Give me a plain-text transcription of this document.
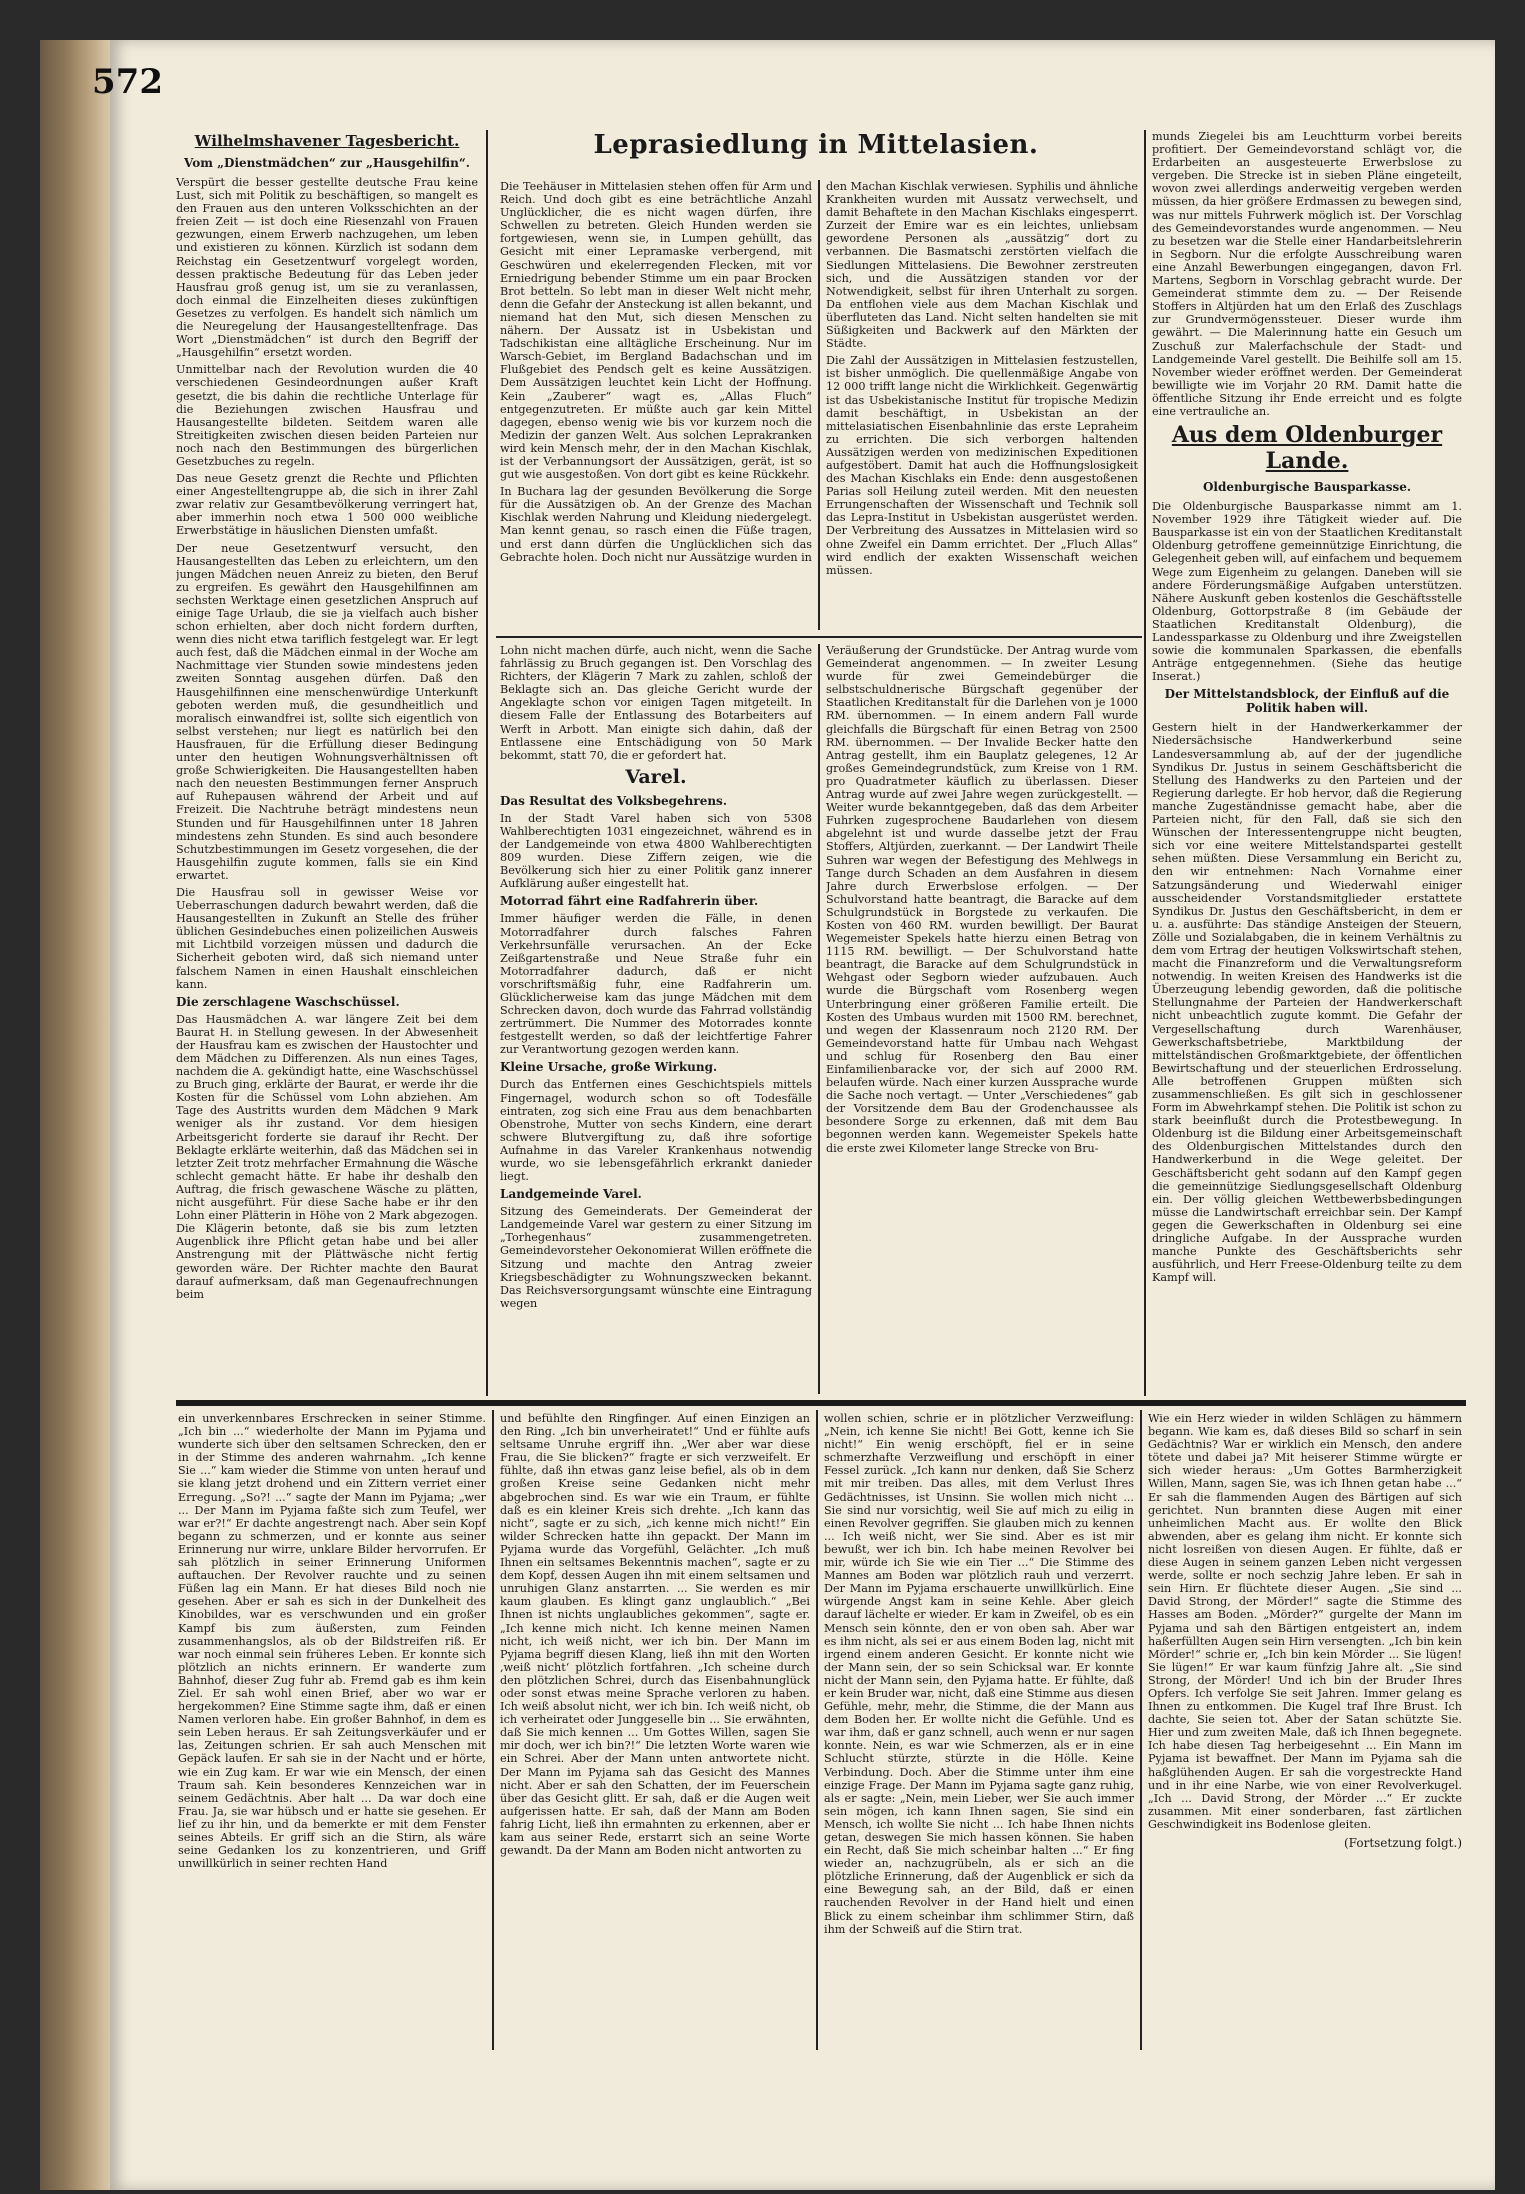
572
Wilhelmshavener Tagesbericht.
Vom „Dienstmädchen“ zur „Hausgehilfin“.

Verspürt die besser gestellte deutsche Frau keine Lust, sich mit Politik zu beschäftigen, so mangelt es den Frauen aus den unteren Volksschichten an der freien Zeit — ist doch eine Riesenzahl von Frauen gezwungen, einem Erwerb nachzugehen, um leben und existieren zu können. Kürzlich ist sodann dem Reichstag ein Gesetzentwurf vorgelegt worden, dessen praktische Bedeutung für das Leben jeder Hausfrau groß genug ist, um sie zu veranlassen, doch einmal die Einzelheiten dieses zukünftigen Gesetzes zu verfolgen. Es handelt sich nämlich um die Neuregelung der Hausangestelltenfrage. Das Wort „Dienstmädchen“ ist durch den Begriff der „Hausgehilfin“ ersetzt worden.

Unmittelbar nach der Revolution wurden die 40 verschiedenen Gesindeordnungen außer Kraft gesetzt, die bis dahin die rechtliche Unterlage für die Beziehungen zwischen Hausfrau und Hausangestellte bildeten. Seitdem waren alle Streitigkeiten zwischen diesen beiden Parteien nur noch nach den Bestimmungen des bürgerlichen Gesetzbuches zu regeln.

Das neue Gesetz grenzt die Rechte und Pflichten einer Angestelltengruppe ab, die sich in ihrer Zahl zwar relativ zur Gesamtbevölkerung verringert hat, aber immerhin noch etwa 1 500 000 weibliche Erwerbstätige in häuslichen Diensten umfaßt.

Der neue Gesetzentwurf versucht, den Hausangestellten das Leben zu erleichtern, um den jungen Mädchen neuen Anreiz zu bieten, den Beruf zu ergreifen. Es gewährt den Hausgehilfinnen am sechsten Werktage einen gesetzlichen Anspruch auf einige Tage Urlaub, die sie ja vielfach auch bisher schon erhielten, aber doch nicht fordern durften, wenn dies nicht etwa tariflich festgelegt war. Er legt auch fest, daß die Mädchen einmal in der Woche am Nachmittage vier Stunden sowie mindestens jeden zweiten Sonntag ausgehen dürfen. Daß den Hausgehilfinnen eine menschenwürdige Unterkunft geboten werden muß, die gesundheitlich und moralisch einwandfrei ist, sollte sich eigentlich von selbst verstehen; nur liegt es natürlich bei den Hausfrauen, für die Erfüllung dieser Bedingung unter den heutigen Wohnungsverhältnissen oft große Schwierigkeiten. Die Hausangestellten haben nach den neuesten Bestimmungen ferner Anspruch auf Ruhepausen während der Arbeit und auf Freizeit. Die Nachtruhe beträgt mindestens neun Stunden und für Hausgehilfinnen unter 18 Jahren mindestens zehn Stunden. Es sind auch besondere Schutzbestimmungen im Gesetz vorgesehen, die der Hausgehilfin zugute kommen, falls sie ein Kind erwartet.

Die Hausfrau soll in gewisser Weise vor Ueberraschungen dadurch bewahrt werden, daß die Hausangestellten in Zukunft an Stelle des früher üblichen Gesindebuches einen polizeilichen Ausweis mit Lichtbild vorzeigen müssen und dadurch die Sicherheit geboten wird, daß sich niemand unter falschem Namen in einen Haushalt einschleichen kann.

Die zerschlagene Waschschüssel.

Das Hausmädchen A. war längere Zeit bei dem Baurat H. in Stellung gewesen. In der Abwesenheit der Hausfrau kam es zwischen der Haustochter und dem Mädchen zu Differenzen. Als nun eines Tages, nachdem die A. gekündigt hatte, eine Waschschüssel zu Bruch ging, erklärte der Baurat, er werde ihr die Kosten für die Schüssel vom Lohn abziehen. Am Tage des Austritts wurden dem Mädchen 9 Mark weniger als ihr zustand. Vor dem hiesigen Arbeitsgericht forderte sie darauf ihr Recht. Der Beklagte erklärte weiterhin, daß das Mädchen sei in letzter Zeit trotz mehrfacher Ermahnung die Wäsche schlecht gemacht hätte. Er habe ihr deshalb den Auftrag, die frisch gewaschene Wäsche zu plätten, nicht ausgeführt. Für diese Sache habe er ihr den Lohn einer Plätterin in Höhe von 2 Mark abgezogen. Die Klägerin betonte, daß sie bis zum letzten Augenblick ihre Pflicht getan habe und bei aller Anstrengung mit der Plättwäsche nicht fertig geworden wäre. Der Richter machte den Baurat darauf aufmerksam, daß man Gegenaufrechnungen beim

Leprasiedlung in Mittelasien.

Die Teehäuser in Mittelasien stehen offen für Arm und Reich. Und doch gibt es eine beträchtliche Anzahl Unglücklicher, die es nicht wagen dürfen, ihre Schwellen zu betreten. Gleich Hunden werden sie fortgewiesen, wenn sie, in Lumpen gehüllt, das Gesicht mit einer Lepramaske verbergend, mit Geschwüren und ekelerregenden Flecken, mit vor Erniedrigung bebender Stimme um ein paar Brocken Brot betteln. So lebt man in dieser Welt nicht mehr, denn die Gefahr der Ansteckung ist allen bekannt, und niemand hat den Mut, sich diesen Menschen zu nähern. Der Aussatz ist in Usbekistan und Tadschikistan eine alltägliche Erscheinung. Nur im Warsch-Gebiet, im Bergland Badachschan und im Flußgebiet des Pendsch gelt es keine Aussätzigen. Dem Aussätzigen leuchtet kein Licht der Hoffnung. Kein „Zauberer“ wagt es, „Allas Fluch“ entgegenzutreten. Er müßte auch gar kein Mittel dagegen, ebenso wenig wie bis vor kurzem noch die Medizin der ganzen Welt. Aus solchen Leprakranken wird kein Mensch mehr, der in den Machan Kischlak, ist der Verbannungsort der Aussätzigen, gerät, ist so gut wie ausgestoßen. Von dort gibt es keine Rückkehr.

In Buchara lag der gesunden Bevölkerung die Sorge für die Aussätzigen ob. An der Grenze des Machan Kischlak werden Nahrung und Kleidung niedergelegt. Man kennt genau, so rasch einen die Füße tragen, und erst dann dürfen die Unglücklichen sich das Gebrachte holen. Doch nicht nur Aussätzige wurden in

den Machan Kischlak verwiesen. Syphilis und ähnliche Krankheiten wurden mit Aussatz verwechselt, und damit Behaftete in den Machan Kischlaks eingesperrt. Zurzeit der Emire war es ein leichtes, unliebsam gewordene Personen als „aussätzig“ dort zu verbannen. Die Basmatschi zerstörten vielfach die Siedlungen Mittelasiens. Die Bewohner zerstreuten sich, und die Aussätzigen standen vor der Notwendigkeit, selbst für ihren Unterhalt zu sorgen. Da entflohen viele aus dem Machan Kischlak und überfluteten das Land. Nicht selten handelten sie mit Süßigkeiten und Backwerk auf den Märkten der Städte.

Die Zahl der Aussätzigen in Mittelasien festzustellen, ist bisher unmöglich. Die quellenmäßige Angabe von 12 000 trifft lange nicht die Wirklichkeit. Gegenwärtig ist das Usbekistanische Institut für tropische Medizin damit beschäftigt, in Usbekistan an der mittelasiatischen Eisenbahnlinie das erste Lepraheim zu errichten. Die sich verborgen haltenden Aussätzigen werden von medizinischen Expeditionen aufgestöbert. Damit hat auch die Hoffnungslosigkeit des Machan Kischlaks ein Ende: denn ausgestoßenen Parias soll Heilung zuteil werden. Mit den neuesten Errungenschaften der Wissenschaft und Technik soll das Lepra-Institut in Usbekistan ausgerüstet werden. Der Verbreitung des Aussatzes in Mittelasien wird so ohne Zweifel ein Damm errichtet. Der „Fluch Allas“ wird endlich der exakten Wissenschaft weichen müssen.

Lohn nicht machen dürfe, auch nicht, wenn die Sache fahrlässig zu Bruch gegangen ist. Den Vorschlag des Richters, der Klägerin 7 Mark zu zahlen, schloß der Beklagte sich an. Das gleiche Gericht wurde der Angeklagte schon vor einigen Tagen mitgeteilt. In diesem Falle der Entlassung des Botarbeiters auf Werft in Arbott. Man einigte sich dahin, daß der Entlassene eine Entschädigung von 50 Mark bekommt, statt 70, die er gefordert hat.

Varel.
Das Resultat des Volksbegehrens.

In der Stadt Varel haben sich von 5308 Wahlberechtigten 1031 eingezeichnet, während es in der Landgemeinde von etwa 4800 Wahlberechtigten 809 wurden. Diese Ziffern zeigen, wie die Bevölkerung sich hier zu einer Politik ganz innerer Aufklärung außer eingestellt hat.

Motorrad fährt eine Radfahrerin über.

Immer häufiger werden die Fälle, in denen Motorradfahrer durch falsches Fahren Verkehrsunfälle verursachen. An der Ecke Zeißgartenstraße und Neue Straße fuhr ein Motorradfahrer dadurch, daß er nicht vorschriftsmäßig fuhr, eine Radfahrerin um. Glücklicherweise kam das junge Mädchen mit dem Schrecken davon, doch wurde das Fahrrad vollständig zertrümmert. Die Nummer des Motorrades konnte festgestellt werden, so daß der leichtfertige Fahrer zur Verantwortung gezogen werden kann.

Kleine Ursache, große Wirkung.

Durch das Entfernen eines Geschichtspiels mittels Fingernagel, wodurch schon so oft Todesfälle eintraten, zog sich eine Frau aus dem benachbarten Obenstrohe, Mutter von sechs Kindern, eine derart schwere Blutvergiftung zu, daß ihre sofortige Aufnahme in das Vareler Krankenhaus notwendig wurde, wo sie lebensgefährlich erkrankt danieder liegt.

Landgemeinde Varel.

Sitzung des Gemeinderats. Der Gemeinderat der Landgemeinde Varel war gestern zu einer Sitzung im „Torhegenhaus“ zusammengetreten. Gemeindevorsteher Oekonomierat Willen eröffnete die Sitzung und machte den Antrag zweier Kriegsbeschädigter zu Wohnungszwecken bekannt. Das Reichsversorgungsamt wünschte eine Eintragung wegen

Veräußerung der Grundstücke. Der Antrag wurde vom Gemeinderat angenommen. — In zweiter Lesung wurde für zwei Gemeindebürger die selbstschuldnerische Bürgschaft gegenüber der Staatlichen Kreditanstalt für die Darlehen von je 1000 RM. übernommen. — In einem andern Fall wurde gleichfalls die Bürgschaft für einen Betrag von 2500 RM. übernommen. — Der Invalide Becker hatte den Antrag gestellt, ihm ein Bauplatz gelegenes, 12 Ar großes Gemeindegrundstück, zum Kreise von 1 RM. pro Quadratmeter käuflich zu überlassen. Dieser Antrag wurde auf zwei Jahre wegen zurückgestellt. — Weiter wurde bekanntgegeben, daß das dem Arbeiter Fuhrken zugesprochene Baudarlehen von diesem abgelehnt ist und wurde dasselbe jetzt der Frau Stoffers, Altjürden, zuerkannt. — Der Landwirt Theile Suhren war wegen der Befestigung des Mehlwegs in Tange durch Schaden an dem Ausfahren in diesem Jahre durch Erwerbslose erfolgen. — Der Schulvorstand hatte beantragt, die Baracke auf dem Schulgrundstück in Borgstede zu verkaufen. Die Kosten von 460 RM. wurden bewilligt. Der Baurat Wegemeister Spekels hatte hierzu einen Betrag von 1115 RM. bewilligt. — Der Schulvorstand hatte beantragt, die Baracke auf dem Schulgrundstück in Wehgast oder Segborn wieder aufzubauen. Auch wurde die Bürgschaft vom Rosenberg wegen Unterbringung einer größeren Familie erteilt. Die Kosten des Umbaus wurden mit 1500 RM. berechnet, und wegen der Klassenraum noch 2120 RM. Der Gemeindevorstand hatte für Umbau nach Wehgast und schlug für Rosenberg den Bau einer Einfamilienbaracke vor, der sich auf 2000 RM. belaufen würde. Nach einer kurzen Aussprache wurde die Sache noch vertagt. — Unter „Verschiedenes“ gab der Vorsitzende dem Bau der Grodenchaussee als besondere Sorge zu erkennen, daß mit dem Bau begonnen werden kann. Wegemeister Spekels hatte die erste zwei Kilometer lange Strecke von Bru-

munds Ziegelei bis am Leuchtturm vorbei bereits profitiert. Der Gemeindevorstand schlägt vor, die Erdarbeiten an ausgesteuerte Erwerbslose zu vergeben. Die Strecke ist in sieben Pläne eingeteilt, wovon zwei allerdings anderweitig vergeben werden müssen, da hier größere Erdmassen zu bewegen sind, was nur mittels Fuhrwerk möglich ist. Der Vorschlag des Gemeindevorstandes wurde angenommen. — Neu zu besetzen war die Stelle einer Handarbeitslehrerin in Segborn. Nur die erfolgte Ausschreibung waren eine Anzahl Bewerbungen eingegangen, davon Frl. Martens, Segborn in Vorschlag gebracht wurde. Der Gemeinderat stimmte dem zu. — Der Reisende Stoffers in Altjürden hat um den Erlaß des Zuschlags zur Grundvermögenssteuer. Dieser wurde ihm gewährt. — Die Malerinnung hatte ein Gesuch um Zuschuß zur Malerfachschule der Stadt- und Landgemeinde Varel gestellt. Die Beihilfe soll am 15. November wieder eröffnet werden. Der Gemeinderat bewilligte wie im Vorjahr 20 RM. Damit hatte die öffentliche Sitzung ihr Ende erreicht und es folgte eine vertrauliche an.

Aus dem Oldenburger Lande.
Oldenburgische Bausparkasse.

Die Oldenburgische Bausparkasse nimmt am 1. November 1929 ihre Tätigkeit wieder auf. Die Bausparkasse ist ein von der Staatlichen Kreditanstalt Oldenburg getroffene gemeinnützige Einrichtung, die Gelegenheit geben will, auf einfachem und bequemem Wege zum Eigenheim zu gelangen. Daneben will sie andere Förderungsmäßige Aufgaben unterstützen. Nähere Auskunft geben kostenlos die Geschäftsstelle Oldenburg, Gottorpstraße 8 (im Gebäude der Staatlichen Kreditanstalt Oldenburg), die Landessparkasse zu Oldenburg und ihre Zweigstellen sowie die kommunalen Sparkassen, die ebenfalls Anträge entgegennehmen. (Siehe das heutige Inserat.)

Der Mittelstandsblock, der Einfluß auf die Politik haben will.

Gestern hielt in der Handwerkerkammer der Niedersächsische Handwerkerbund seine Landesversammlung ab, auf der der jugendliche Syndikus Dr. Justus in seinem Geschäftsbericht die Stellung des Handwerks zu den Parteien und der Regierung darlegte. Er hob hervor, daß die Regierung manche Zugeständnisse gemacht habe, aber die Parteien nicht, für den Fall, daß sie sich den Wünschen der Interessentengruppe nicht beugten, sich vor eine weitere Mittelstandspartei gestellt sehen müßten. Diese Versammlung ein Bericht zu, den wir entnehmen: Nach Vornahme einer Satzungsänderung und Wiederwahl einiger ausscheidender Vorstandsmitglieder erstattete Syndikus Dr. Justus den Geschäftsbericht, in dem er u. a. ausführte: Das ständige Ansteigen der Steuern, Zölle und Sozialabgaben, die in keinem Verhältnis zu dem vom Ertrag der heutigen Volkswirtschaft stehen, macht die Finanzreform und die Verwaltungsreform notwendig. In weiten Kreisen des Handwerks ist die Überzeugung lebendig geworden, daß die politische Stellungnahme der Parteien der Handwerkerschaft nicht unbeachtlich zugute kommt. Die Gefahr der Vergesellschaftung durch Warenhäuser, Gewerkschaftsbetriebe, Marktbildung der mittelständischen Großmarktgebiete, der öffentlichen Bewirtschaftung und der steuerlichen Erdrosselung. Alle betroffenen Gruppen müßten sich zusammenschließen. Es gilt sich in geschlossener Form im Abwehrkampf stehen. Die Politik ist schon zu stark beeinflußt durch die Protestbewegung. In Oldenburg ist die Bildung einer Arbeitsgemeinschaft des Oldenburgischen Mittelstandes durch den Handwerkerbund in die Wege geleitet. Der Geschäftsbericht geht sodann auf den Kampf gegen die gemeinnützige Siedlungsgesellschaft Oldenburg ein. Der völlig gleichen Wettbewerbsbedingungen müsse die Landwirtschaft erreichbar sein. Der Kampf gegen die Gewerkschaften in Oldenburg sei eine dringliche Aufgabe. In der Aussprache wurden manche Punkte des Geschäftsberichts sehr ausführlich, und Herr Freese-Oldenburg teilte zu dem Kampf will.

ein unverkennbares Erschrecken in seiner Stimme. „Ich bin ...“ wiederholte der Mann im Pyjama und wunderte sich über den seltsamen Schrecken, den er in der Stimme des anderen wahrnahm. „Ich kenne Sie ...“ kam wieder die Stimme von unten herauf und sie klang jetzt drohend und ein Zittern verriet einer Erregung. „So?! ...“ sagte der Mann im Pyjama; „wer ... Der Mann im Pyjama faßte sich zum Teufel, wer war er?!“ Er dachte angestrengt nach. Aber sein Kopf begann zu schmerzen, und er konnte aus seiner Erinnerung nur wirre, unklare Bilder hervorrufen. Er sah plötzlich in seiner Erinnerung Uniformen auftauchen. Der Revolver rauchte und zu seinen Füßen lag ein Mann. Er hat dieses Bild noch nie gesehen. Aber er sah es sich in der Dunkelheit des Kinobildes, war es verschwunden und ein großer Kampf bis zum äußersten, zum Feinden zusammenhangslos, als ob der Bildstreifen riß. Er war noch einmal sein früheres Leben. Er konnte sich plötzlich an nichts erinnern. Er wanderte zum Bahnhof, dieser Zug fuhr ab. Fremd gab es ihm kein Ziel. Er sah wohl einen Brief, aber wo war er hergekommen? Eine Stimme sagte ihm, daß er einen Namen verloren habe. Ein großer Bahnhof, in dem es sein Leben heraus. Er sah Zeitungsverkäufer und er las, Zeitungen schrien. Er sah auch Menschen mit Gepäck laufen. Er sah sie in der Nacht und er hörte, wie ein Zug kam. Er war wie ein Mensch, der einen Traum sah. Kein besonderes Kennzeichen war in seinem Gedächtnis. Aber halt ... Da war doch eine Frau. Ja, sie war hübsch und er hatte sie gesehen. Er lief zu ihr hin, und da bemerkte er mit dem Fenster seines Abteils. Er griff sich an die Stirn, als wäre seine Gedanken los zu konzentrieren, und Griff unwillkürlich in seiner rechten Hand

und befühlte den Ringfinger. Auf einen Einzigen an den Ring. „Ich bin unverheiratet!“ Und er fühlte aufs seltsame Unruhe ergriff ihn. „Wer aber war diese Frau, die Sie blicken?“ fragte er sich verzweifelt. Er fühlte, daß ihn etwas ganz leise befiel, als ob in dem großen Kreise seine Gedanken nicht mehr abgebrochen sind. Es war wie ein Traum, er fühlte daß es ein kleiner Kreis sich drehte. „Ich kann das nicht“, sagte er zu sich, „ich kenne mich nicht!“ Ein wilder Schrecken hatte ihn gepackt. Der Mann im Pyjama wurde das Vorgefühl, Gelächter. „Ich muß Ihnen ein seltsames Bekenntnis machen“, sagte er zu dem Kopf, dessen Augen ihn mit einem seltsamen und unruhigen Glanz anstarrten. ... Sie werden es mir kaum glauben. Es klingt ganz unglaublich.“ „Bei Ihnen ist nichts unglaubliches gekommen“, sagte er. „Ich kenne mich nicht. Ich kenne meinen Namen nicht, ich weiß nicht, wer ich bin. Der Mann im Pyjama begriff diesen Klang, ließ ihn mit den Worten ‚weiß nicht‘ plötzlich fortfahren. „Ich scheine durch den plötzlichen Schrei, durch das Eisenbahnunglück oder sonst etwas meine Sprache verloren zu haben. Ich weiß absolut nicht, wer ich bin. Ich weiß nicht, ob ich verheiratet oder Junggeselle bin ... Sie erwähnten, daß Sie mich kennen ... Um Gottes Willen, sagen Sie mir doch, wer ich bin?!“ Die letzten Worte waren wie ein Schrei. Aber der Mann unten antwortete nicht. Der Mann im Pyjama sah das Gesicht des Mannes nicht. Aber er sah den Schatten, der im Feuerschein über das Gesicht glitt. Er sah, daß er die Augen weit aufgerissen hatte. Er sah, daß der Mann am Boden fahrig Licht, ließ ihn ermahnten zu erkennen, aber er kam aus seiner Rede, erstarrt sich an seine Worte gewandt. Da der Mann am Boden nicht antworten zu

wollen schien, schrie er in plötzlicher Verzweiflung: „Nein, ich kenne Sie nicht! Bei Gott, kenne ich Sie nicht!“ Ein wenig erschöpft, fiel er in seine schmerzhafte Verzweiflung und erschöpft in einer Fessel zurück. „Ich kann nur denken, daß Sie Scherz mit mir treiben. Das alles, mit dem Verlust Ihres Gedächtnisses, ist Unsinn. Sie wollen mich nicht ... Sie sind nur vorsichtig, weil Sie auf mich zu eilig in einen Revolver gegriffen. Sie glauben mich zu kennen ... Ich weiß nicht, wer Sie sind. Aber es ist mir bewußt, wer ich bin. Ich habe meinen Revolver bei mir, würde ich Sie wie ein Tier ...“ Die Stimme des Mannes am Boden war plötzlich rauh und verzerrt. Der Mann im Pyjama erschauerte unwillkürlich. Eine würgende Angst kam in seine Kehle. Aber gleich darauf lächelte er wieder. Er kam in Zweifel, ob es ein Mensch sein könnte, den er von oben sah. Aber war es ihm nicht, als sei er aus einem Boden lag, nicht mit irgend einem anderen Gesicht. Er konnte nicht wie der Mann sein, der so sein Schicksal war. Er konnte nicht der Mann sein, den Pyjama hatte. Er fühlte, daß er kein Bruder war, nicht, daß eine Stimme aus diesen Gefühle, mehr, mehr, die Stimme, die der Mann aus dem Boden her. Er wollte nicht die Gefühle. Und es war ihm, daß er ganz schnell, auch wenn er nur sagen konnte. Nein, es war wie Schmerzen, als er in eine Schlucht stürzte, stürzte in die Hölle. Keine Verbindung. Doch. Aber die Stimme unter ihm eine einzige Frage. Der Mann im Pyjama sagte ganz ruhig, als er sagte: „Nein, mein Lieber, wer Sie auch immer sein mögen, ich kann Ihnen sagen, Sie sind ein Mensch, ich wollte Sie nicht ... Ich habe Ihnen nichts getan, deswegen Sie mich hassen können. Sie haben ein Recht, daß Sie mich scheinbar halten ...“ Er fing wieder an, nachzugrübeln, als er sich an die plötzliche Erinnerung, daß der Augenblick er sich da eine Bewegung sah, an der Bild, daß er einen rauchenden Revolver in der Hand hielt und einen Blick zu einem scheinbar ihm schlimmer Stirn, daß ihm der Schweiß auf die Stirn trat.

Wie ein Herz wieder in wilden Schlägen zu hämmern begann. Wie kam es, daß dieses Bild so scharf in sein Gedächtnis? War er wirklich ein Mensch, den andere tötete und dabei ja? Mit heiserer Stimme würgte er sich wieder heraus: „Um Gottes Barmherzigkeit Willen, Mann, sagen Sie, was ich Ihnen getan habe ...“ Er sah die flammenden Augen des Bärtigen auf sich gerichtet. Nun brannten diese Augen mit einer unheimlichen Macht aus. Er wollte den Blick abwenden, aber es gelang ihm nicht. Er konnte sich nicht losreißen von diesen Augen. Er fühlte, daß er diese Augen in seinem ganzen Leben nicht vergessen werde, sollte er noch sechzig Jahre leben. Er sah in sein Hirn. Er flüchtete dieser Augen. „Sie sind ... David Strong, der Mörder!“ sagte die Stimme des Hasses am Boden. „Mörder?“ gurgelte der Mann im Pyjama und sah den Bärtigen entgeistert an, indem haßerfüllten Augen sein Hirn versengten. „Ich bin kein Mörder!“ schrie er, „Ich bin kein Mörder ... Sie lügen! Sie lügen!“ Er war kaum fünfzig Jahre alt. „Sie sind Strong, der Mörder! Und ich bin der Bruder Ihres Opfers. Ich verfolge Sie seit Jahren. Immer gelang es Ihnen zu entkommen. Die Kugel traf Ihre Brust. Ich dachte, Sie seien tot. Aber der Satan schützte Sie. Hier und zum zweiten Male, daß ich Ihnen begegnete. Ich habe diesen Tag herbeigesehnt ... Ein Mann im Pyjama ist bewaffnet. Der Mann im Pyjama sah die haßglühenden Augen. Er sah die vorgestreckte Hand und in ihr eine Narbe, wie von einer Revolverkugel. „Ich ... David Strong, der Mörder ...“ Er zuckte zusammen. Mit einer sonderbaren, fast zärtlichen Geschwindigkeit ins Bodenlose gleiten.

(Fortsetzung folgt.)
